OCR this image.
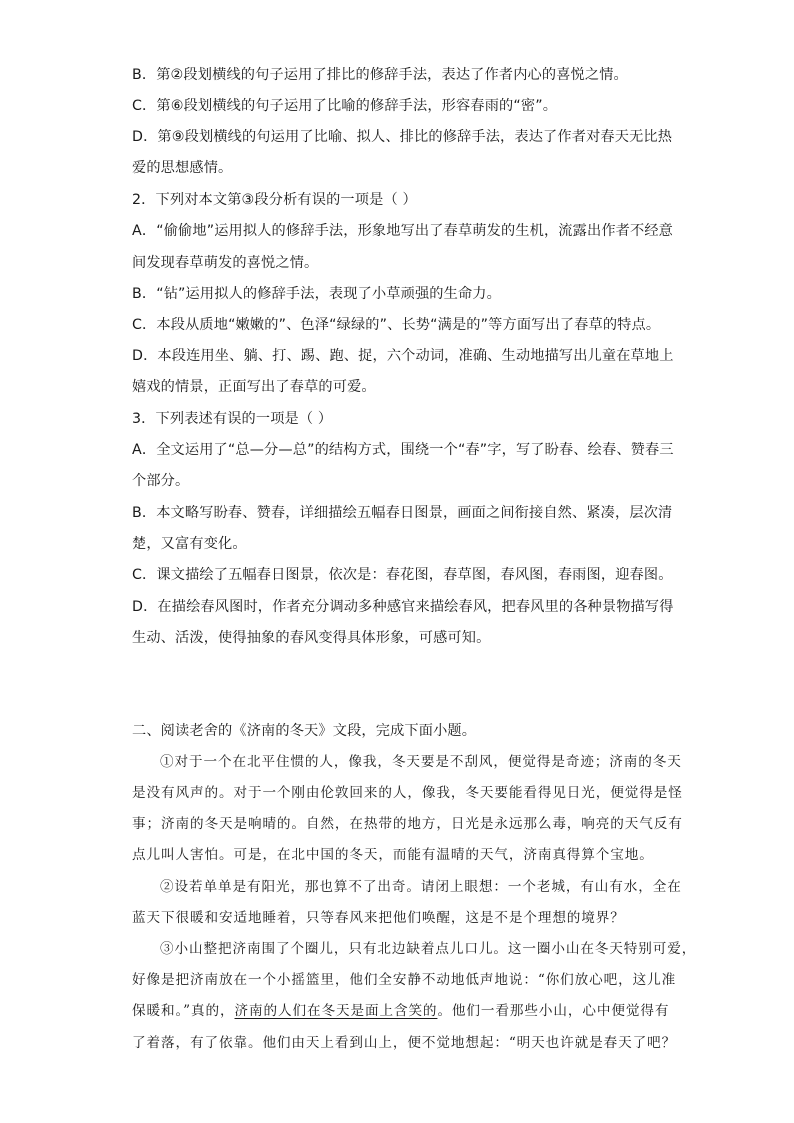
B．第②段划横线的句子运用了排比的修辞手法，表达了作者内心的喜悦之情。
C．第⑥段划横线的句子运用了比喻的修辞手法，形容春雨的“密”。
D．第⑨段划横线的句运用了比喻、拟人、排比的修辞手法，表达了作者对春天无比热
爱的思想感情。
2．下列对本文第③段分析有误的一项是（ ）
A．“偷偷地”运用拟人的修辞手法，形象地写出了春草萌发的生机，流露出作者不经意
间发现春草萌发的喜悦之情。
B．“钻”运用拟人的修辞手法，表现了小草顽强的生命力。
C．本段从质地“嫩嫩的”、色泽“绿绿的”、长势“满是的”等方面写出了春草的特点。
D．本段连用坐、躺、打、踢、跑、捉，六个动词，准确、生动地描写出儿童在草地上
嬉戏的情景，正面写出了春草的可爱。
3．下列表述有误的一项是（ ）
A．全文运用了“总—分—总”的结构方式，围绕一个“春”字，写了盼春、绘春、赞春三
个部分。
B．本文略写盼春、赞春，详细描绘五幅春日图景，画面之间衔接自然、紧凑，层次清
楚，又富有变化。
C．课文描绘了五幅春日图景，依次是：春花图，春草图，春风图，春雨图，迎春图。
D．在描绘春风图时，作者充分调动多种感官来描绘春风，把春风里的各种景物描写得
生动、活泼，使得抽象的春风变得具体形象，可感可知。
二、阅读老舍的《济南的冬天》文段，完成下面小题。
①对于一个在北平住惯的人，像我，冬天要是不刮风，便觉得是奇迹；济南的冬天
是没有风声的。对于一个刚由伦敦回来的人，像我，冬天要能看得见日光，便觉得是怪
事；济南的冬天是响晴的。自然，在热带的地方，日光是永远那么毒，响亮的天气反有
点儿叫人害怕。可是，在北中国的冬天，而能有温晴的天气，济南真得算个宝地。
②设若单单是有阳光，那也算不了出奇。请闭上眼想：一个老城，有山有水，全在
蓝天下很暖和安适地睡着，只等春风来把他们唤醒，这是不是个理想的境界？
③小山整把济南围了个圈儿，只有北边缺着点儿口儿。这一圈小山在冬天特别可爱，
好像是把济南放在一个小摇篮里，他们全安静不动地低声地说：“你们放心吧，这儿准
保暖和。”真的，济南的人们在冬天是面上含笑的。他们一看那些小山，心中便觉得有
了着落，有了依靠。他们由天上看到山上，便不觉地想起：“明天也许就是春天了吧？
